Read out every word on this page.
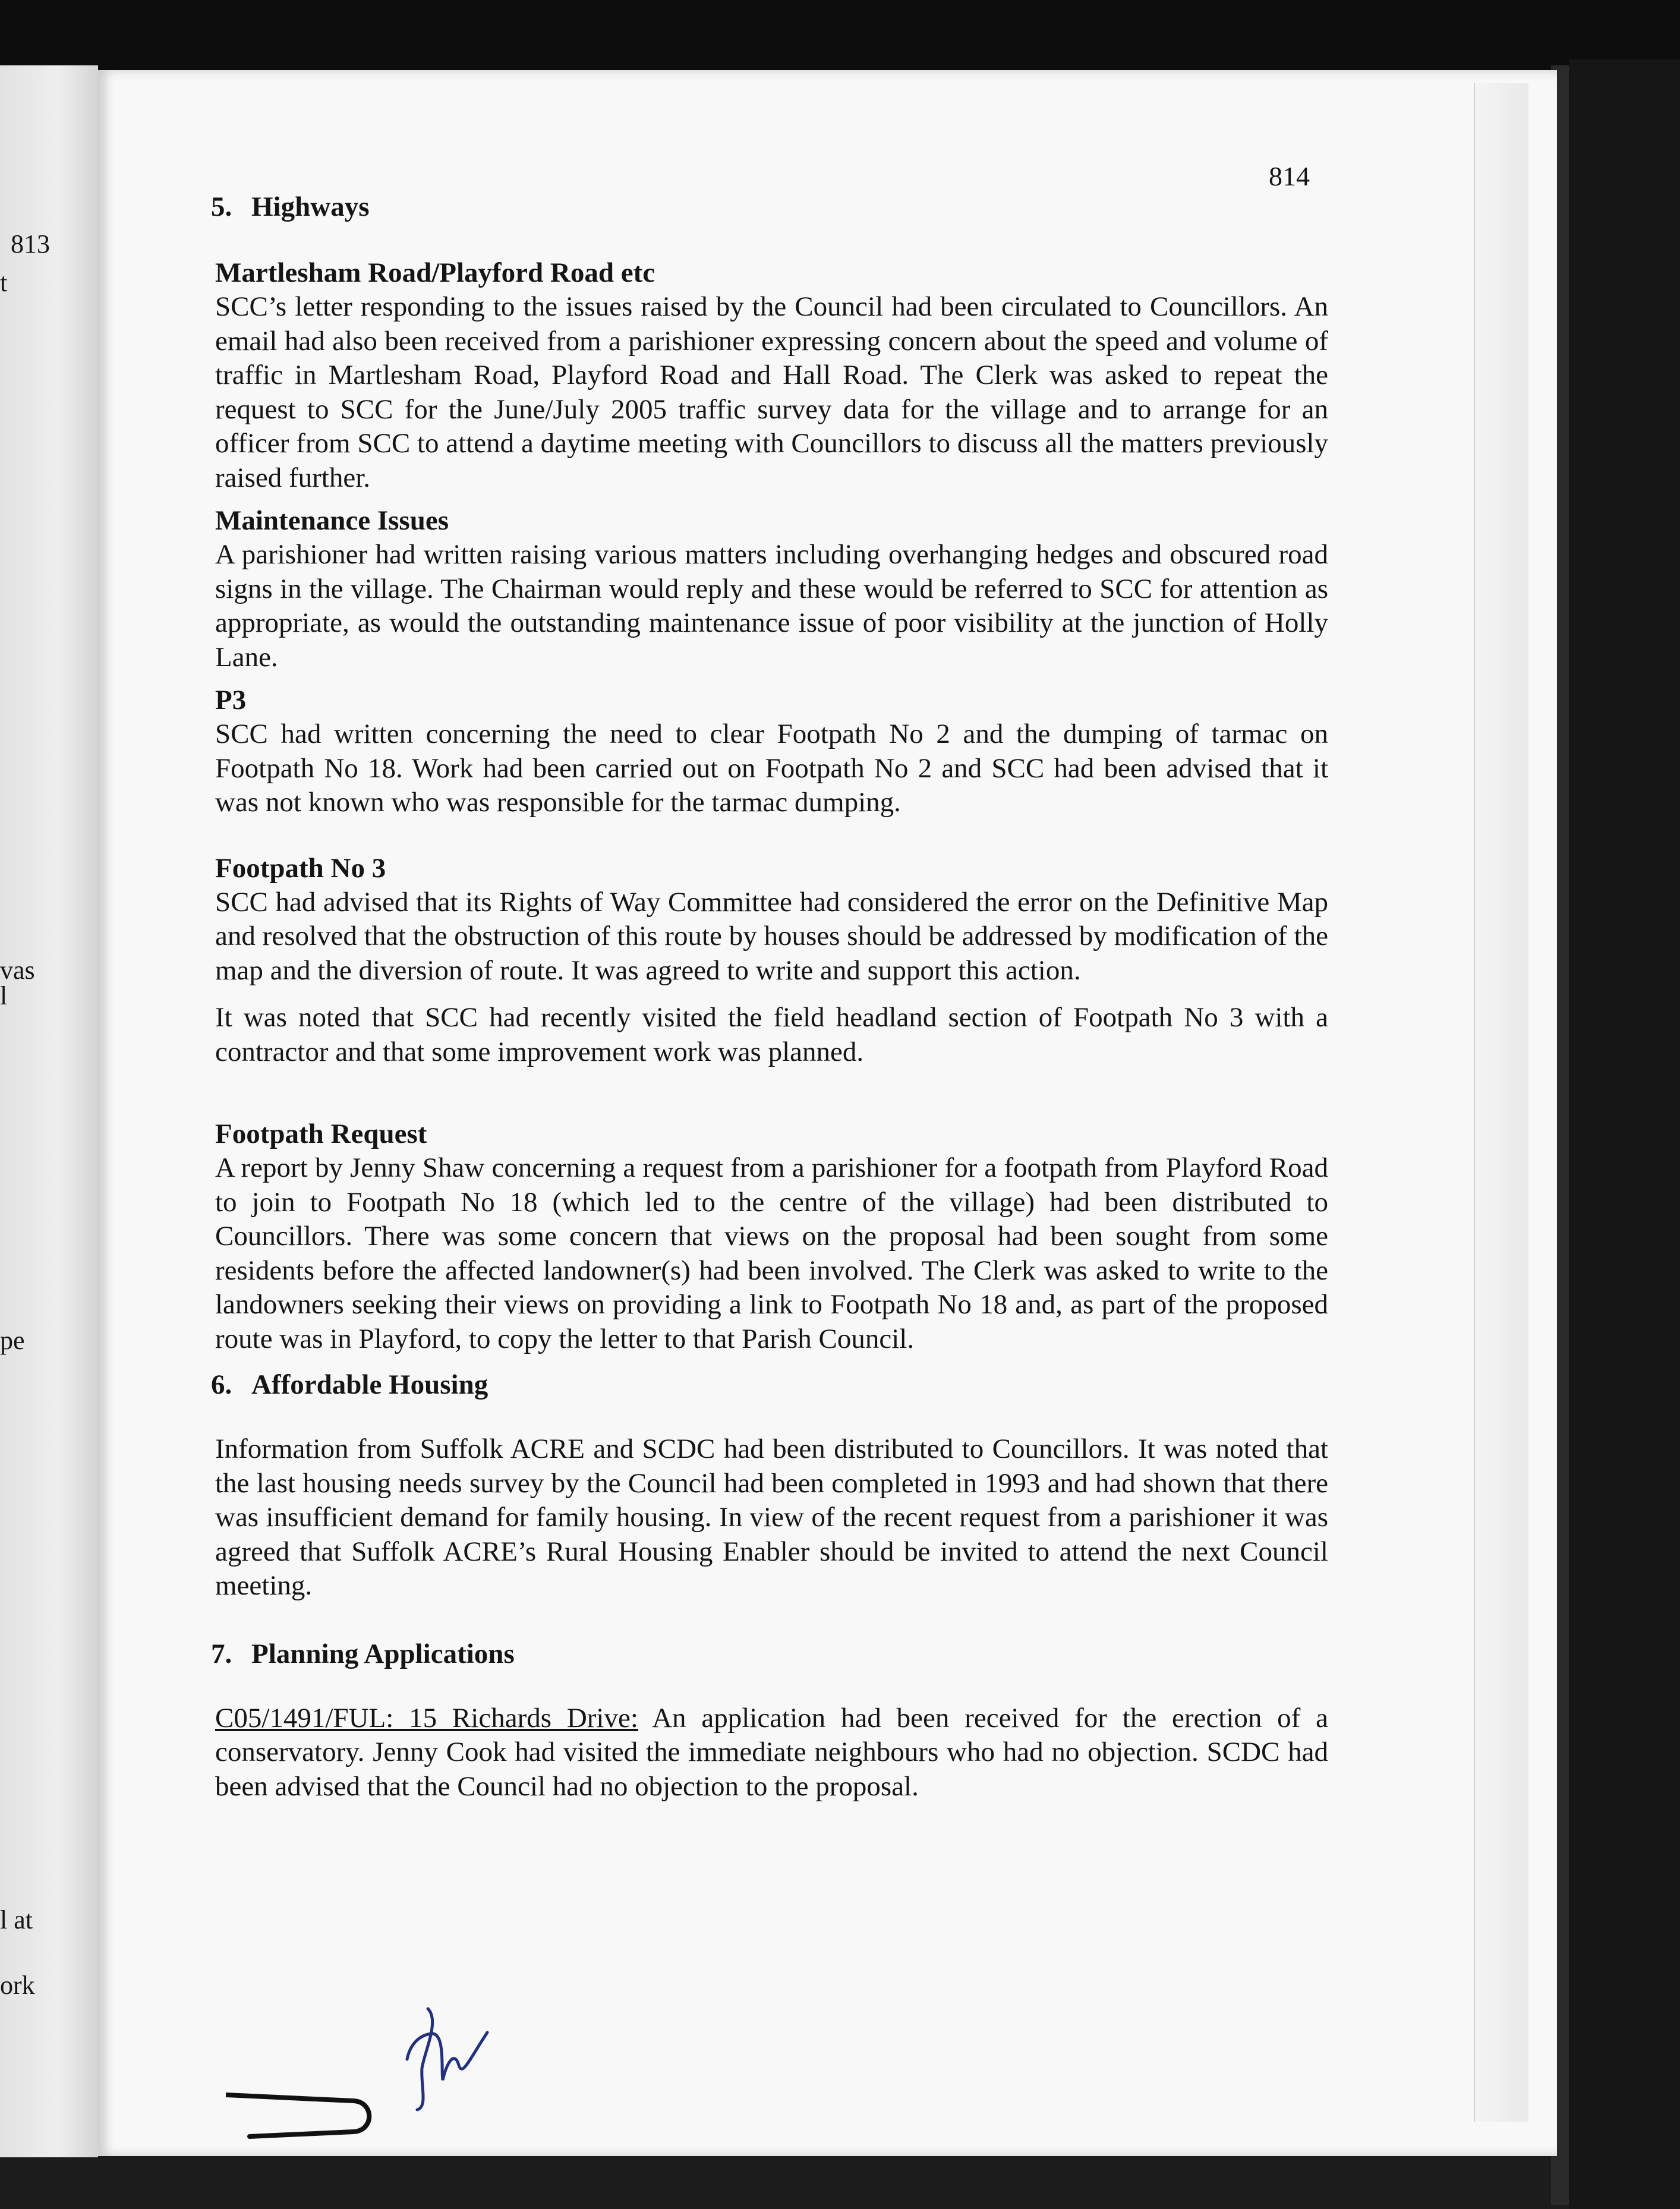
813
t
vas
l
pe
l at
ork
814
5. Highways
Martlesham Road/Playford Road etc

SCC’s letter responding to the issues raised by the Council had been circulated to Councillors. An email had also been received from a parishioner expressing concern about the speed and volume of traffic in Martlesham Road, Playford Road and Hall Road. The Clerk was asked to repeat the request to SCC for the June/July 2005 traffic survey data for the village and to arrange for an officer from SCC to attend a daytime meeting with Councillors to discuss all the matters previously raised further.

Maintenance Issues

A parishioner had written raising various matters including overhanging hedges and obscured road signs in the village. The Chairman would reply and these would be referred to SCC for attention as appropriate, as would the outstanding maintenance issue of poor visibility at the junction of Holly Lane.

P3

SCC had written concerning the need to clear Footpath No 2 and the dumping of tarmac on Footpath No 18. Work had been carried out on Footpath No 2 and SCC had been advised that it was not known who was responsible for the tarmac dumping.

Footpath No 3

SCC had advised that its Rights of Way Committee had considered the error on the Definitive Map and resolved that the obstruction of this route by houses should be addressed by modification of the map and the diversion of route. It was agreed to write and support this action.

It was noted that SCC had recently visited the field headland section of Footpath No 3 with a contractor and that some improvement work was planned.

Footpath Request

A report by Jenny Shaw concerning a request from a parishioner for a footpath from Playford Road to join to Footpath No 18 (which led to the centre of the village) had been distributed to Councillors. There was some concern that views on the proposal had been sought from some residents before the affected landowner(s) had been involved. The Clerk was asked to write to the landowners seeking their views on providing a link to Footpath No 18 and, as part of the proposed route was in Playford, to copy the letter to that Parish Council.

6. Affordable Housing

Information from Suffolk ACRE and SCDC had been distributed to Councillors. It was noted that the last housing needs survey by the Council had been completed in 1993 and had shown that there was insufficient demand for family housing. In view of the recent request from a parishioner it was agreed that Suffolk ACRE’s Rural Housing Enabler should be invited to attend the next Council meeting.

7. Planning Applications

C05/1491/FUL: 15 Richards Drive: An application had been received for the erection of a conservatory. Jenny Cook had visited the immediate neighbours who had no objection. SCDC had been advised that the Council had no objection to the proposal.
